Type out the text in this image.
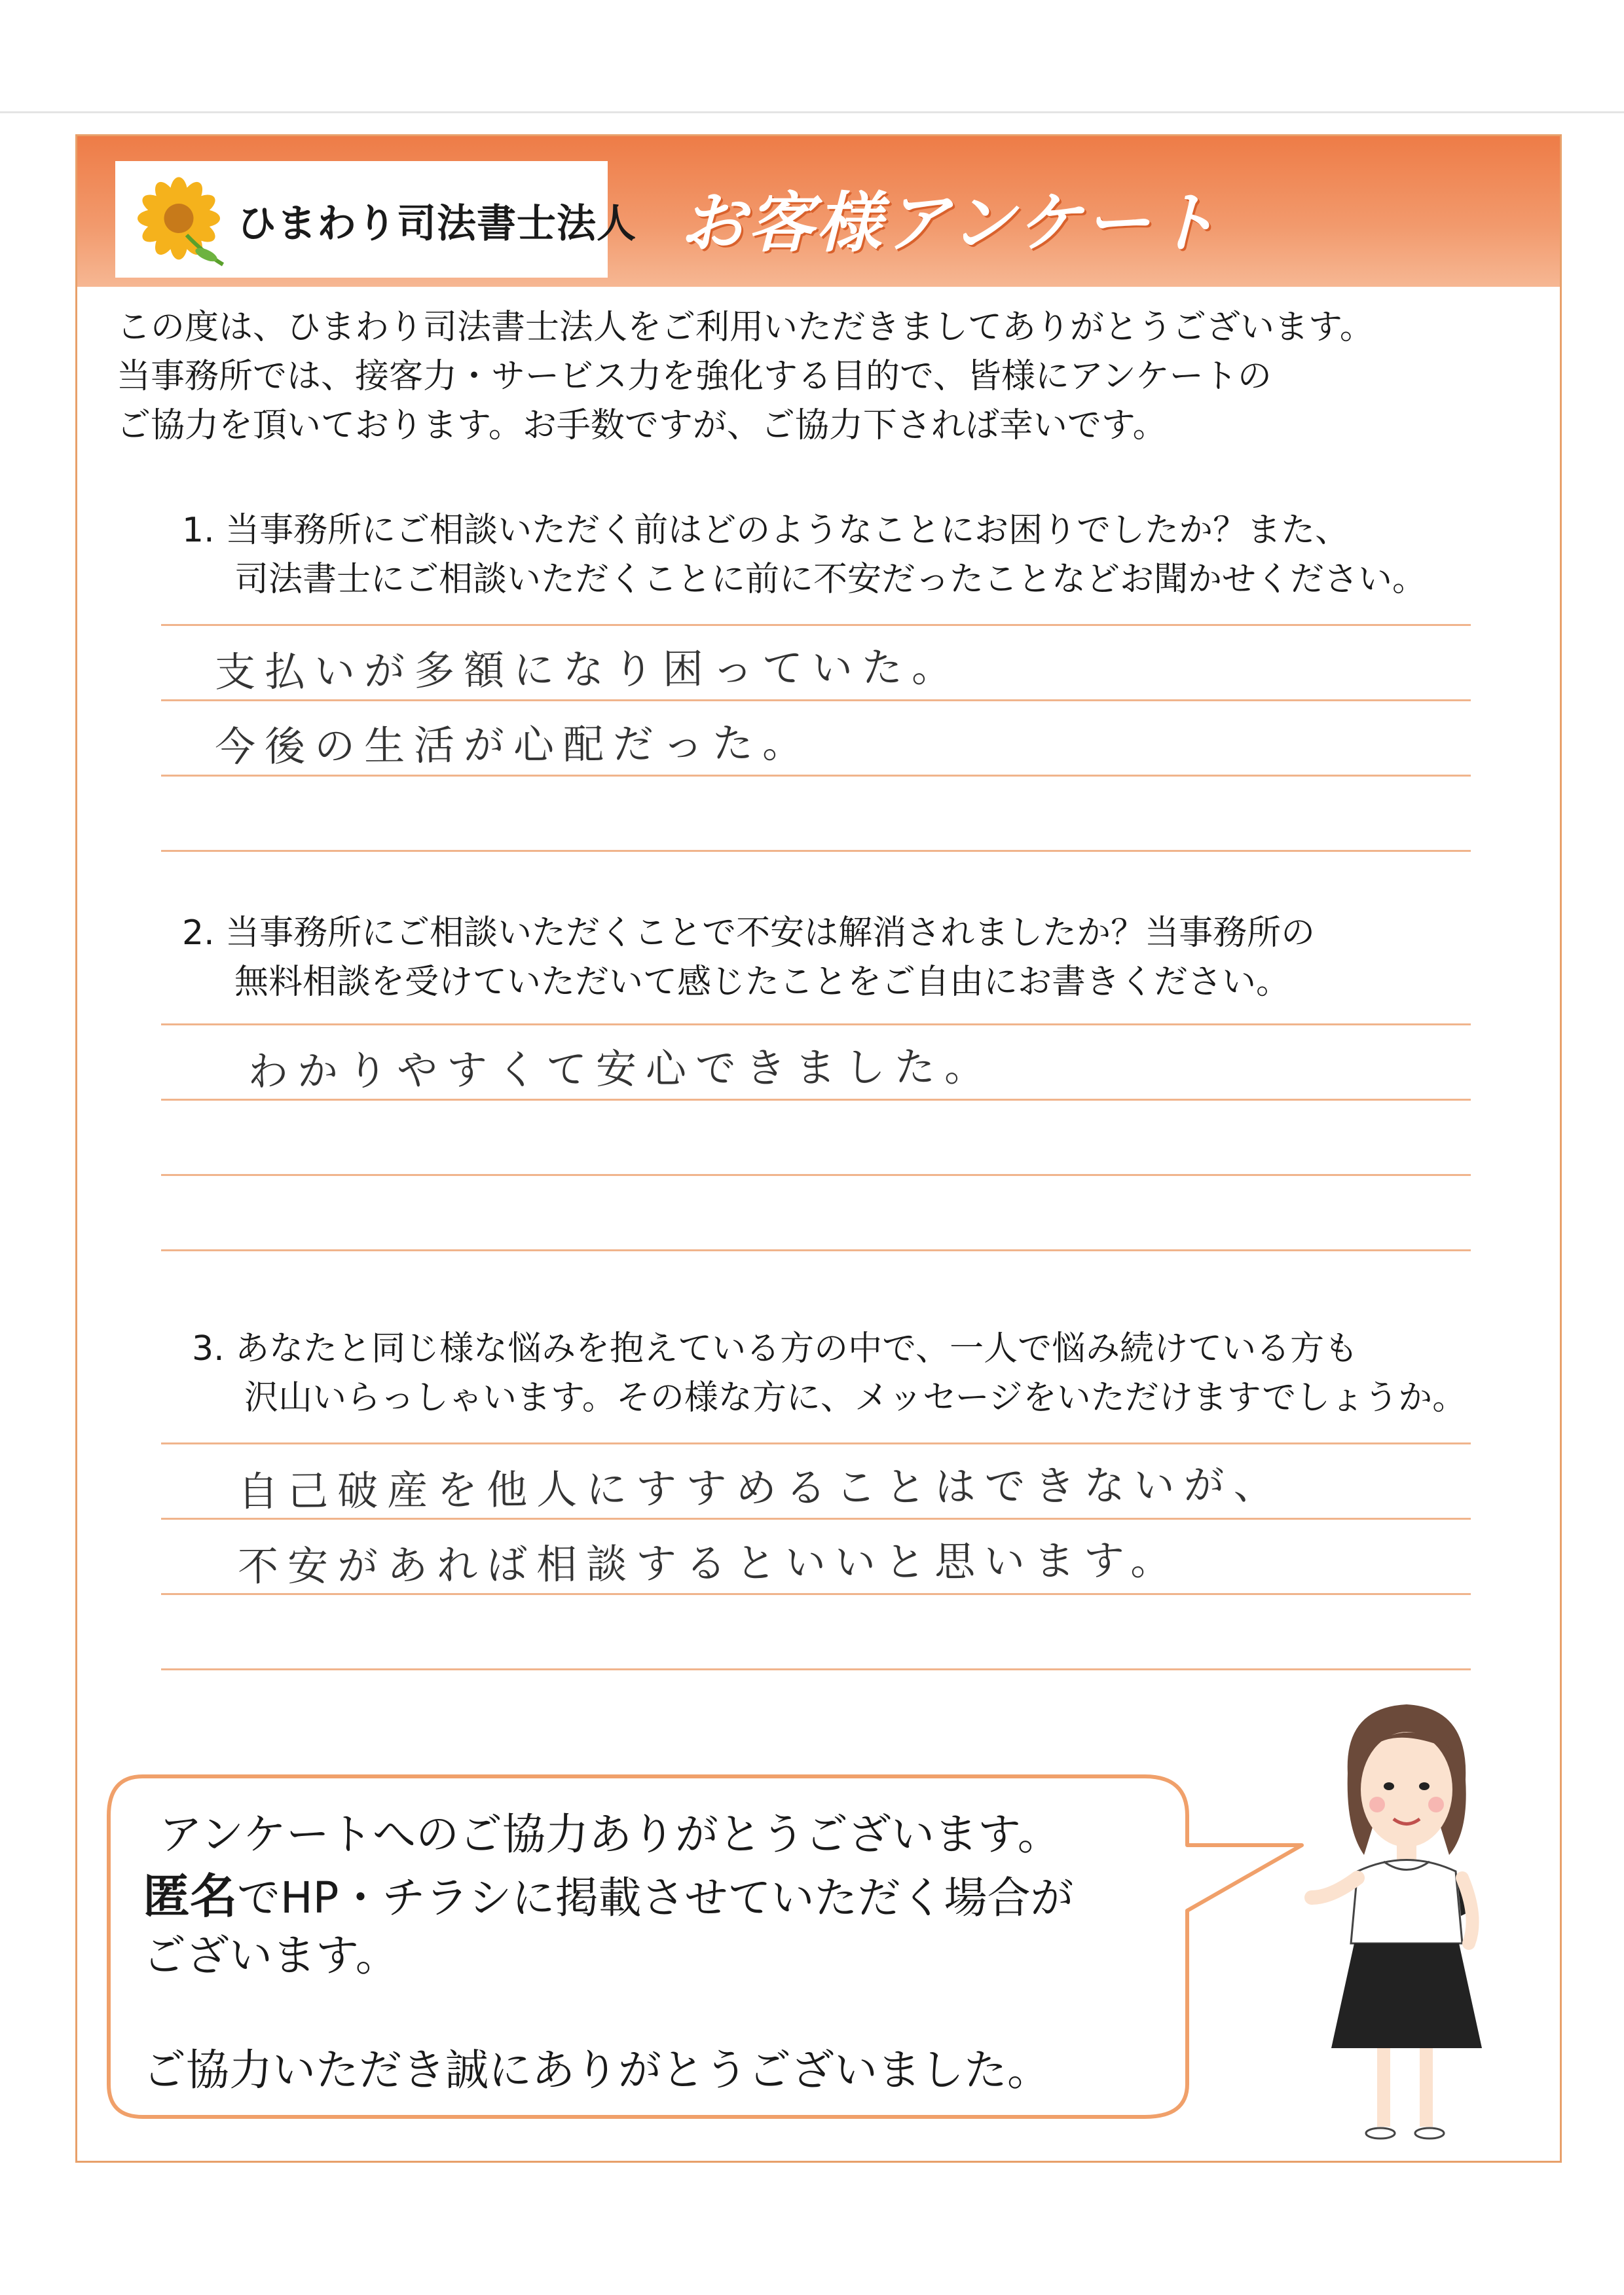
ひまわり司法書士法人 お客様アンケート
この度は、ひまわり司法書士法人をご利用いただきましてありがとうございます。
当事務所では、接客力・サービス力を強化する目的で、皆様にアンケートの
ご協力を頂いております。お手数ですが、ご協力下されば幸いです。
1. 当事務所にご相談いただく前はどのようなことにお困りでしたか？また、
司法書士にご相談いただくことに前に不安だったことなどお聞かせください。
支払いが多額になり困っていた。
今後の生活が心配だった。
2. 当事務所にご相談いただくことで不安は解消されましたか？当事務所の
無料相談を受けていただいて感じたことをご自由にお書きください。
わかりやすくて安心できました。
3. あなたと同じ様な悩みを抱えている方の中で、一人で悩み続けている方も
沢山いらっしゃいます。その様な方に、メッセージをいただけますでしょうか。
自己破産を他人にすすめることはできないが、
不安があれば相談するといいと思います。
アンケートへのご協力ありがとうございます。
匿名でHP・チラシに掲載させていただく場合が
ございます。
ご協力いただき誠にありがとうございました。
